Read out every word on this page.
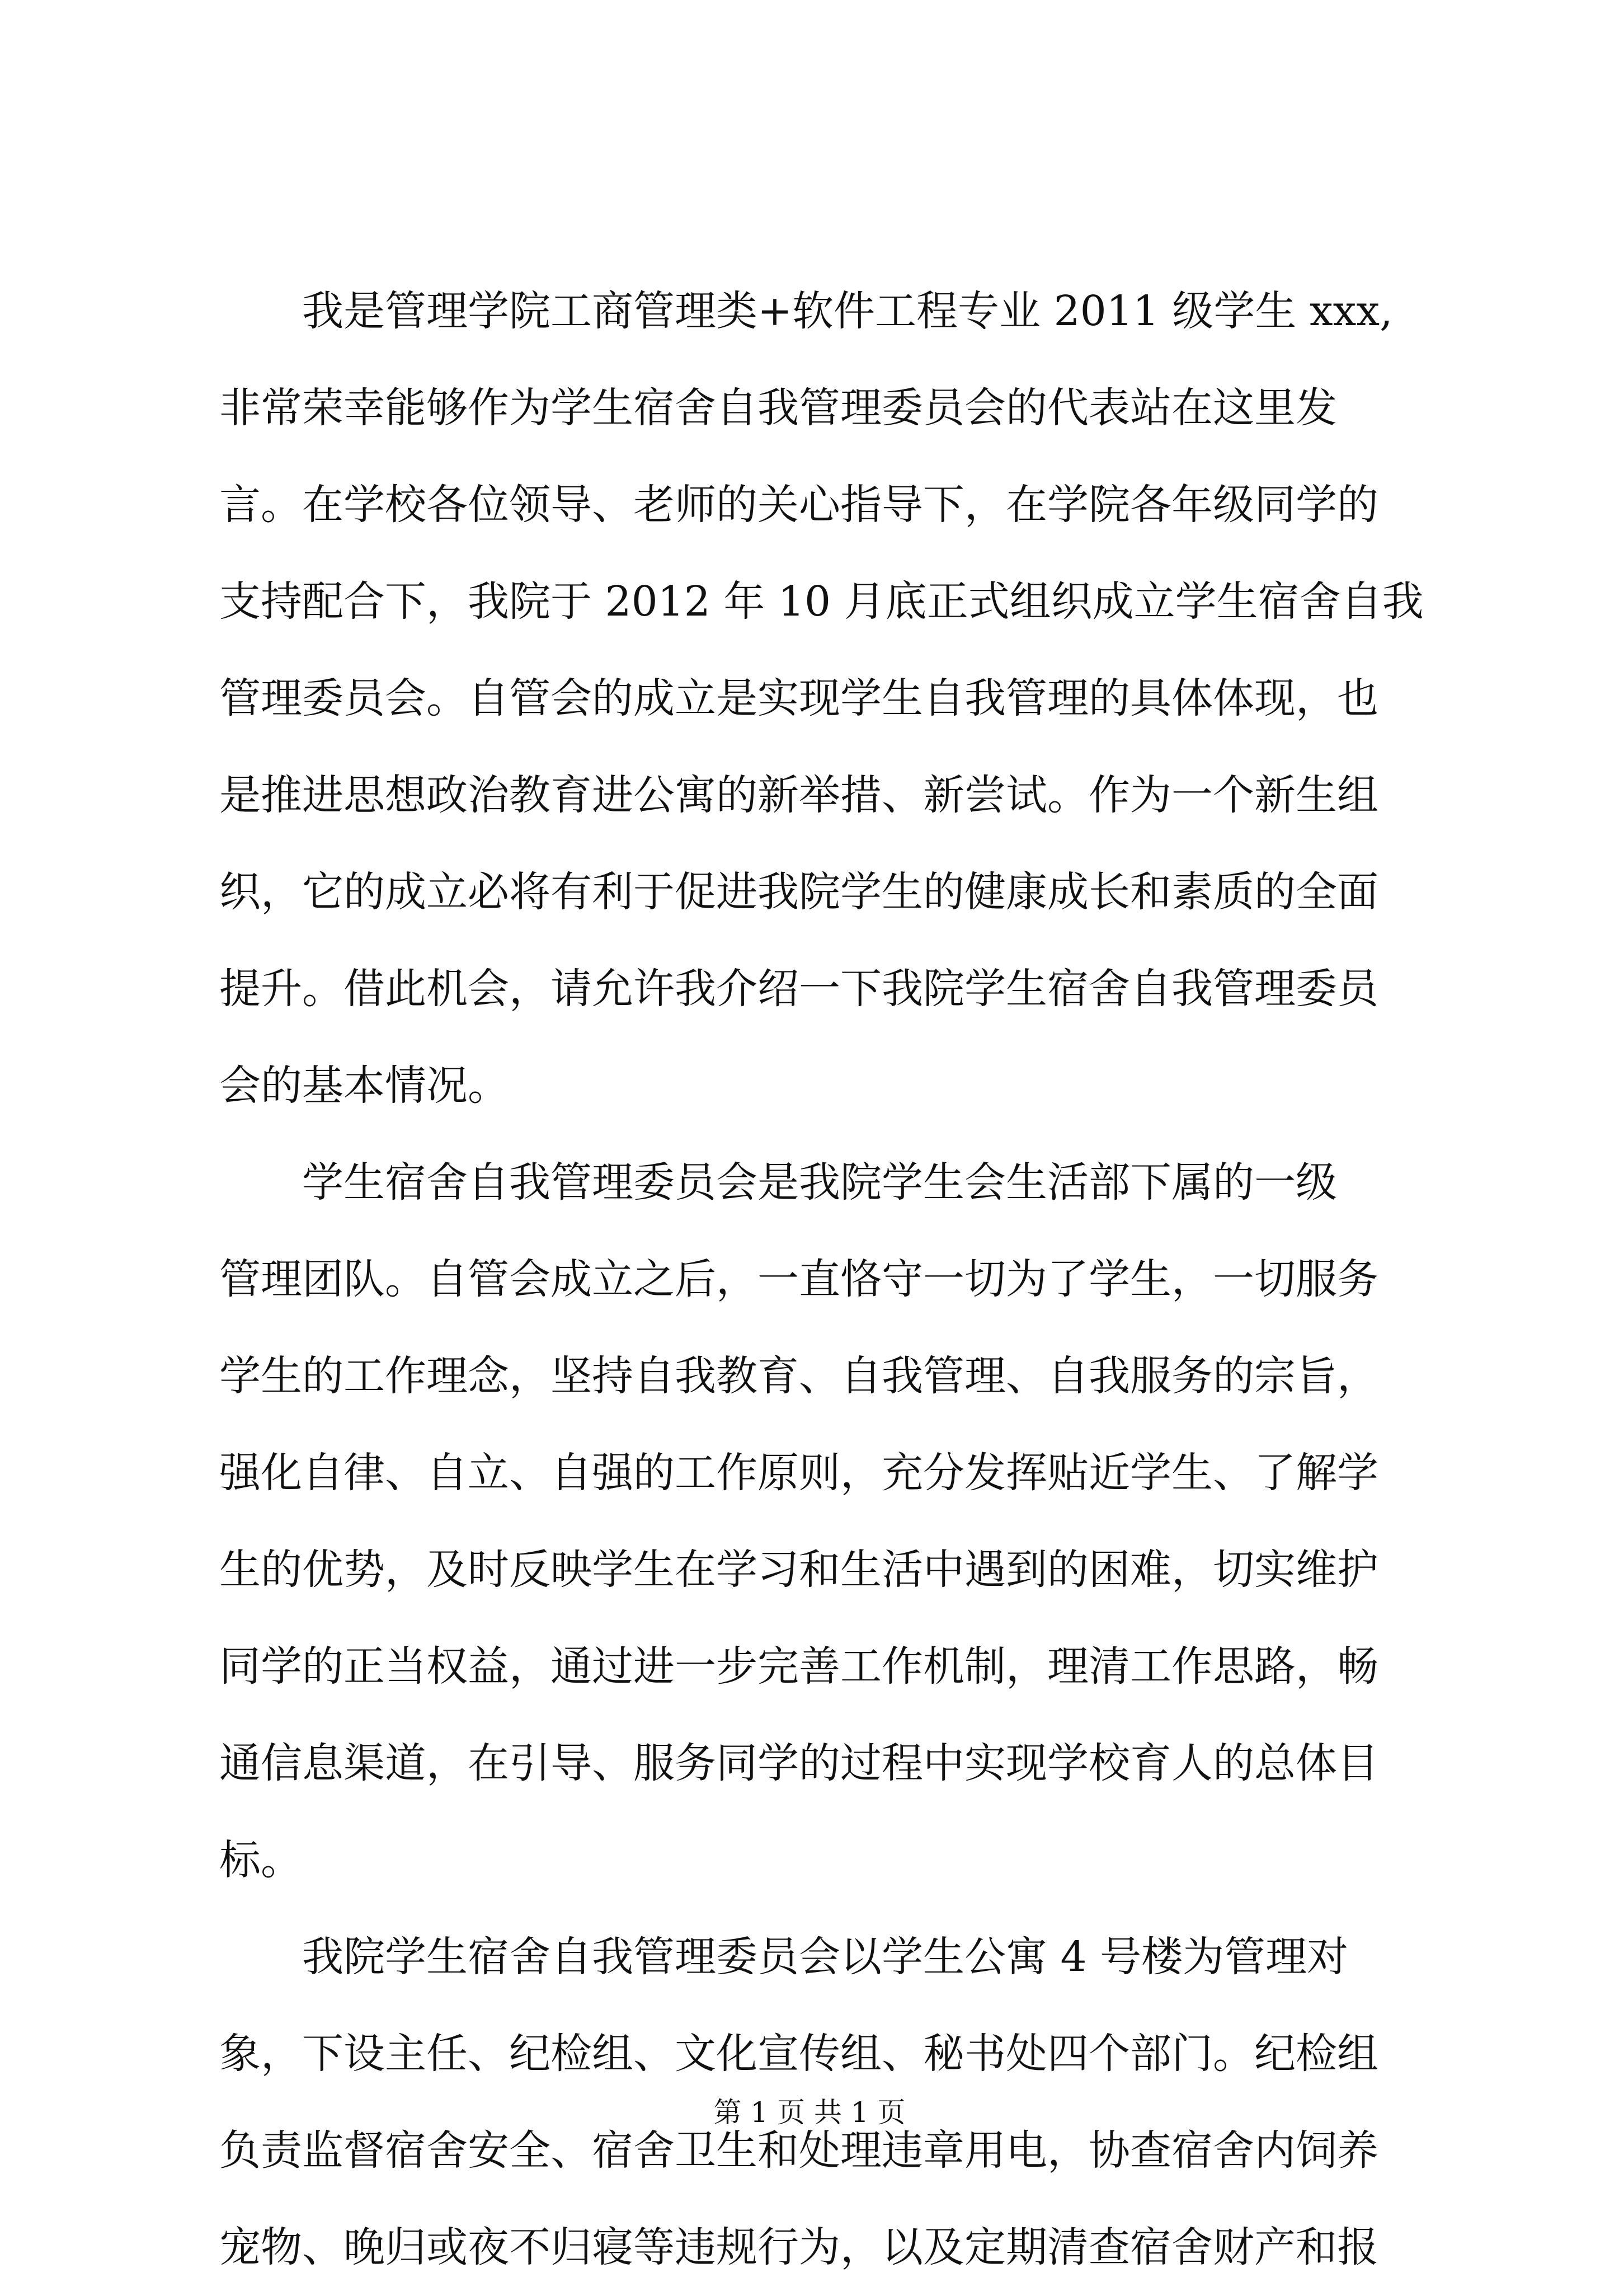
我是管理学院工商管理类+软件工程专业 2011 级学生 xxx,
非常荣幸能够作为学生宿舍自我管理委员会的代表站在这里发
言。在学校各位领导、老师的关心指导下，在学院各年级同学的
支持配合下，我院于 2012 年 10 月底正式组织成立学生宿舍自我
管理委员会。自管会的成立是实现学生自我管理的具体体现，也
是推进思想政治教育进公寓的新举措、新尝试。作为一个新生组
织，它的成立必将有利于促进我院学生的健康成长和素质的全面
提升。借此机会，请允许我介绍一下我院学生宿舍自我管理委员
会的基本情况。
学生宿舍自我管理委员会是我院学生会生活部下属的一级
管理团队。自管会成立之后，一直恪守一切为了学生，一切服务
学生的工作理念，坚持自我教育、自我管理、自我服务的宗旨，
强化自律、自立、自强的工作原则，充分发挥贴近学生、了解学
生的优势，及时反映学生在学习和生活中遇到的困难，切实维护
同学的正当权益，通过进一步完善工作机制，理清工作思路，畅
通信息渠道，在引导、服务同学的过程中实现学校育人的总体目
标。
我院学生宿舍自我管理委员会以学生公寓 4 号楼为管理对
象，下设主任、纪检组、文化宣传组、秘书处四个部门。纪检组
负责监督宿舍安全、宿舍卫生和处理违章用电，协查宿舍内饲养
宠物、晚归或夜不归寝等违规行为，以及定期清查宿舍财产和报
第 1 页 共 1 页
